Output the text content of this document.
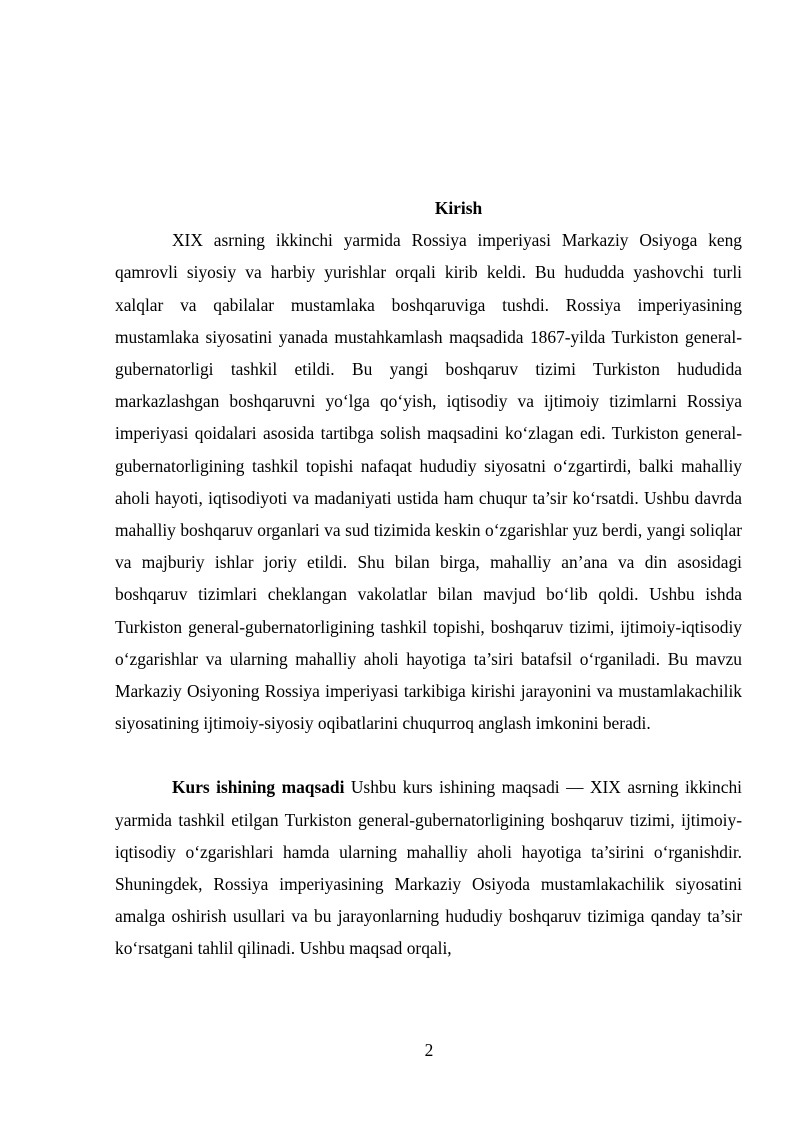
Kirish

XIX asrning ikkinchi yarmida Rossiya imperiyasi Markaziy Osiyoga keng qamrovli siyosiy va harbiy yurishlar orqali kirib keldi. Bu hududda yashovchi turli xalqlar va qabilalar mustamlaka boshqaruviga tushdi. Rossiya imperiyasining mustamlaka siyosatini yanada mustahkamlash maqsadida 1867-yilda Turkiston general-gubernatorligi tashkil etildi. Bu yangi boshqaruv tizimi Turkiston hududida markazlashgan boshqaruvni yo‘lga qo‘yish, iqtisodiy va ijtimoiy tizimlarni Rossiya imperiyasi qoidalari asosida tartibga solish maqsadini ko‘zlagan edi. Turkiston general-gubernatorligining tashkil topishi nafaqat hududiy siyosatni o‘zgartirdi, balki mahalliy aholi hayoti, iqtisodiyoti va madaniyati ustida ham chuqur ta’sir ko‘rsatdi. Ushbu davrda mahalliy boshqaruv organlari va sud tizimida keskin o‘zgarishlar yuz berdi, yangi soliqlar va majburiy ishlar joriy etildi. Shu bilan birga, mahalliy an’ana va din asosidagi boshqaruv tizimlari cheklangan vakolatlar bilan mavjud bo‘lib qoldi. Ushbu ishda Turkiston general-gubernatorligining tashkil topishi, boshqaruv tizimi, ijtimoiy-iqtisodiy o‘zgarishlar va ularning mahalliy aholi hayotiga ta’siri batafsil o‘rganiladi. Bu mavzu Markaziy Osiyoning Rossiya imperiyasi tarkibiga kirishi jarayonini va mustamlakachilik siyosatining ijtimoiy-siyosiy oqibatlarini chuqurroq anglash imkonini beradi.

Kurs ishining maqsadi Ushbu kurs ishining maqsadi — XIX asrning ikkinchi yarmida tashkil etilgan Turkiston general-gubernatorligining boshqaruv tizimi, ijtimoiy-iqtisodiy o‘zgarishlari hamda ularning mahalliy aholi hayotiga ta’sirini o‘rganishdir. Shuningdek, Rossiya imperiyasining Markaziy Osiyoda mustamlakachilik siyosatini amalga oshirish usullari va bu jarayonlarning hududiy boshqaruv tizimiga qanday ta’sir ko‘rsatgani tahlil qilinadi. Ushbu maqsad orqali,

2
